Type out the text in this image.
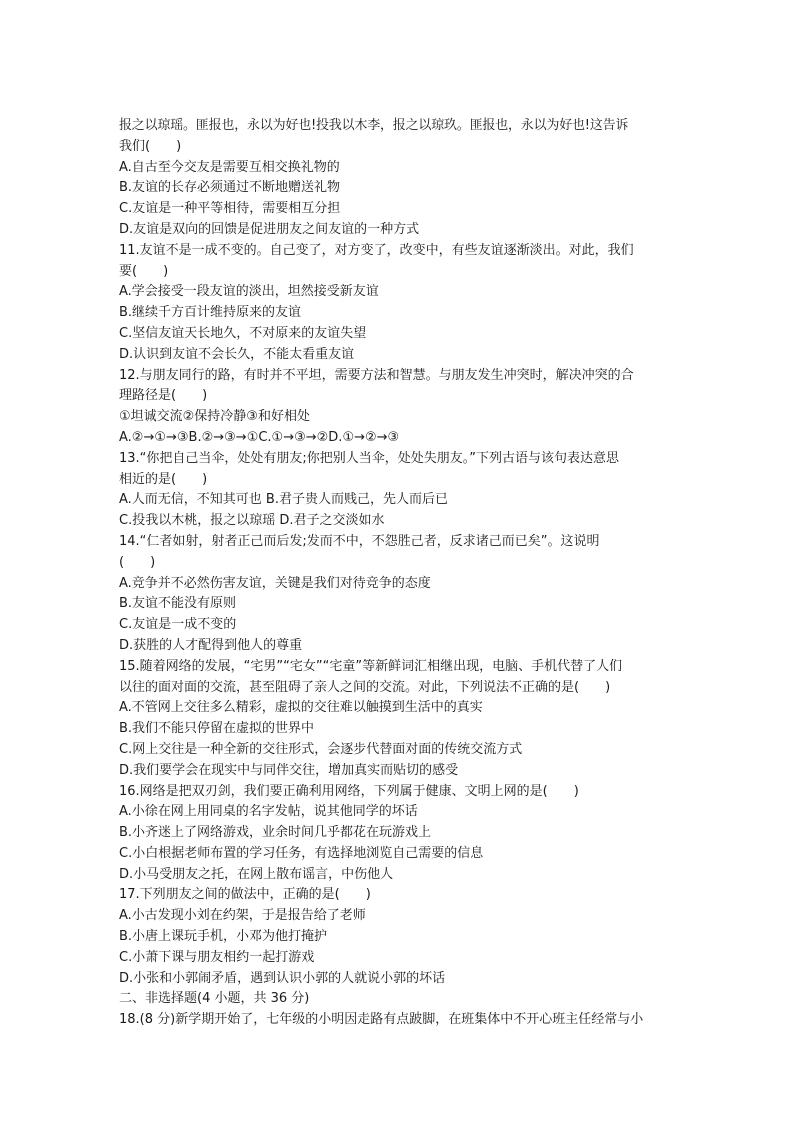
报之以琼瑶。匪报也，永以为好也!投我以木李，报之以琼玖。匪报也，永以为好也!这告诉
我们(　　)
A.自古至今交友是需要互相交换礼物的
B.友谊的长存必须通过不断地赠送礼物
C.友谊是一种平等相待，需要相互分担
D.友谊是双向的回馈是促进朋友之间友谊的一种方式
11.友谊不是一成不变的。自己变了，对方变了，改变中，有些友谊逐渐淡出。对此，我们
要(　　)
A.学会接受一段友谊的淡出，坦然接受新友谊
B.继续千方百计维持原来的友谊
C.坚信友谊天长地久，不对原来的友谊失望
D.认识到友谊不会长久，不能太看重友谊
12.与朋友同行的路，有时并不平坦，需要方法和智慧。与朋友发生冲突时，解决冲突的合
理路径是(　　)
①坦诚交流②保持冷静③和好相处
A.②→①→③B.②→③→①C.①→③→②D.①→②→③
13.“你把自己当伞，处处有朋友;你把别人当伞，处处失朋友。”下列古语与该句表达意思
相近的是(　　)
A.人而无信，不知其可也 B.君子贵人而贱己，先人而后已
C.投我以木桃，报之以琼瑶 D.君子之交淡如水
14.“仁者如射，射者正己而后发;发而不中，不怨胜己者，反求诸己而已矣”。这说明
(　　)
A.竞争并不必然伤害友谊，关键是我们对待竞争的态度
B.友谊不能没有原则
C.友谊是一成不变的
D.获胜的人才配得到他人的尊重
15.随着网络的发展，“宅男”“宅女”“宅童”等新鲜词汇相继出现，电脑、手机代替了人们
以往的面对面的交流，甚至阻碍了亲人之间的交流。对此，下列说法不正确的是(　　)
A.不管网上交往多么精彩，虚拟的交往难以触摸到生活中的真实
B.我们不能只停留在虚拟的世界中
C.网上交往是一种全新的交往形式，会逐步代替面对面的传统交流方式
D.我们要学会在现实中与同伴交往，增加真实而贴切的感受
16.网络是把双刃剑，我们要正确利用网络，下列属于健康、文明上网的是(　　)
A.小徐在网上用同桌的名字发帖，说其他同学的坏话
B.小齐迷上了网络游戏，业余时间几乎都花在玩游戏上
C.小白根据老师布置的学习任务，有选择地浏览自己需要的信息
D.小马受朋友之托，在网上散布谣言，中伤他人
17.下列朋友之间的做法中，正确的是(　　)
A.小古发现小刘在约架，于是报告给了老师
B.小唐上课玩手机，小邓为他打掩护
C.小萧下课与朋友相约一起打游戏
D.小张和小郭闹矛盾，遇到认识小郭的人就说小郭的坏话
二、非选择题(4 小题，共 36 分)
18.(8 分)新学期开始了，七年级的小明因走路有点跛脚，在班集体中不开心班主任经常与小
